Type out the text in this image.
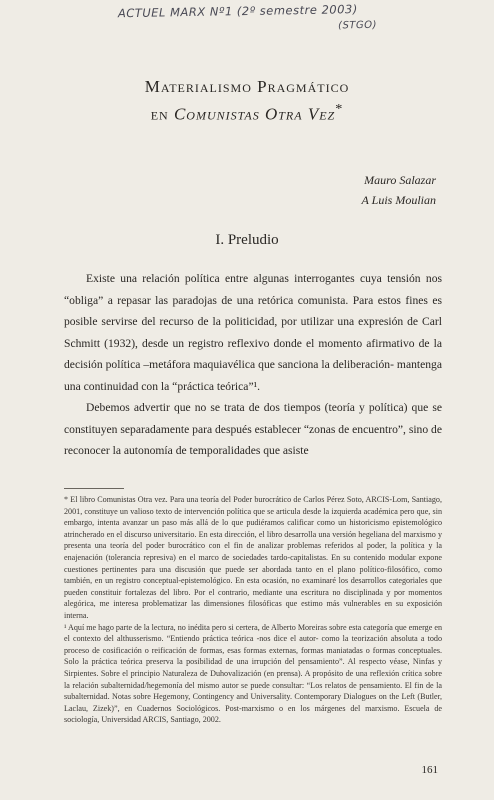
ACTUEL MARX Nº1 (2º semestre 2003)
(STGO)
Materialismo Pragmático
en Comunistas Otra Vez*
Mauro Salazar
A Luis Moulian
I. Preludio

Existe una relación política entre algunas interrogantes cuya tensión nos “obliga” a repasar las paradojas de una retórica comunista. Para estos fines es posible servirse del recurso de la politicidad, por utilizar una expresión de Carl Schmitt (1932), desde un registro reflexivo donde el momento afirmativo de la decisión política –metáfora maquiavélica que sanciona la deliberación- mantenga una continuidad con la “práctica teórica”¹.

Debemos advertir que no se trata de dos tiempos (teoría y política) que se constituyen separadamente para después establecer “zonas de encuentro”, sino de reconocer la autonomía de temporalidades que asiste

* El libro Comunistas Otra vez. Para una teoría del Poder burocrático de Carlos Pérez Soto, ARCIS-Lom, Santiago, 2001, constituye un valioso texto de intervención política que se articula desde la izquierda académica pero que, sin embargo, intenta avanzar un paso más allá de lo que pudiéramos calificar como un historicismo epistemológico atrincherado en el discurso universitario. En esta dirección, el libro desarrolla una versión hegeliana del marxismo y presenta una teoría del poder burocrático con el fin de analizar problemas referidos al poder, la política y la enajenación (tolerancia represiva) en el marco de sociedades tardo-capitalistas. En su contenido modular expone cuestiones pertinentes para una discusión que puede ser abordada tanto en el plano político-filosófico, como también, en un registro conceptual-epistemológico. En esta ocasión, no examinaré los desarrollos categoriales que pueden constituir fortalezas del libro. Por el contrario, mediante una escritura no disciplinada y por momentos alegórica, me interesa problematizar las dimensiones filosóficas que estimo más vulnerables en su exposición interna.

¹ Aquí me hago parte de la lectura, no inédita pero si certera, de Alberto Moreiras sobre esta categoría que emerge en el contexto del althusserismo. “Entiendo práctica teórica -nos dice el autor- como la teorización absoluta a todo proceso de cosificación o reificación de formas, esas formas externas, formas maniatadas o formas conceptuales. Solo la práctica teórica preserva la posibilidad de una irrupción del pensamiento”. Al respecto véase, Ninfas y Sirpientes. Sobre el principio Naturaleza de Duhovalización (en prensa). A propósito de una reflexión crítica sobre la relación subalternidad/hegemonía del mismo autor se puede consultar: “Los relatos de pensamiento. El fin de la subalternidad. Notas sobre Hegemony, Contingency and Universality. Contemporary Dialogues on the Left (Butler, Laclau, Zizek)”, en Cuadernos Sociológicos. Post-marxismo o en los márgenes del marxismo. Escuela de sociología, Universidad ARCIS, Santiago, 2002.

161
